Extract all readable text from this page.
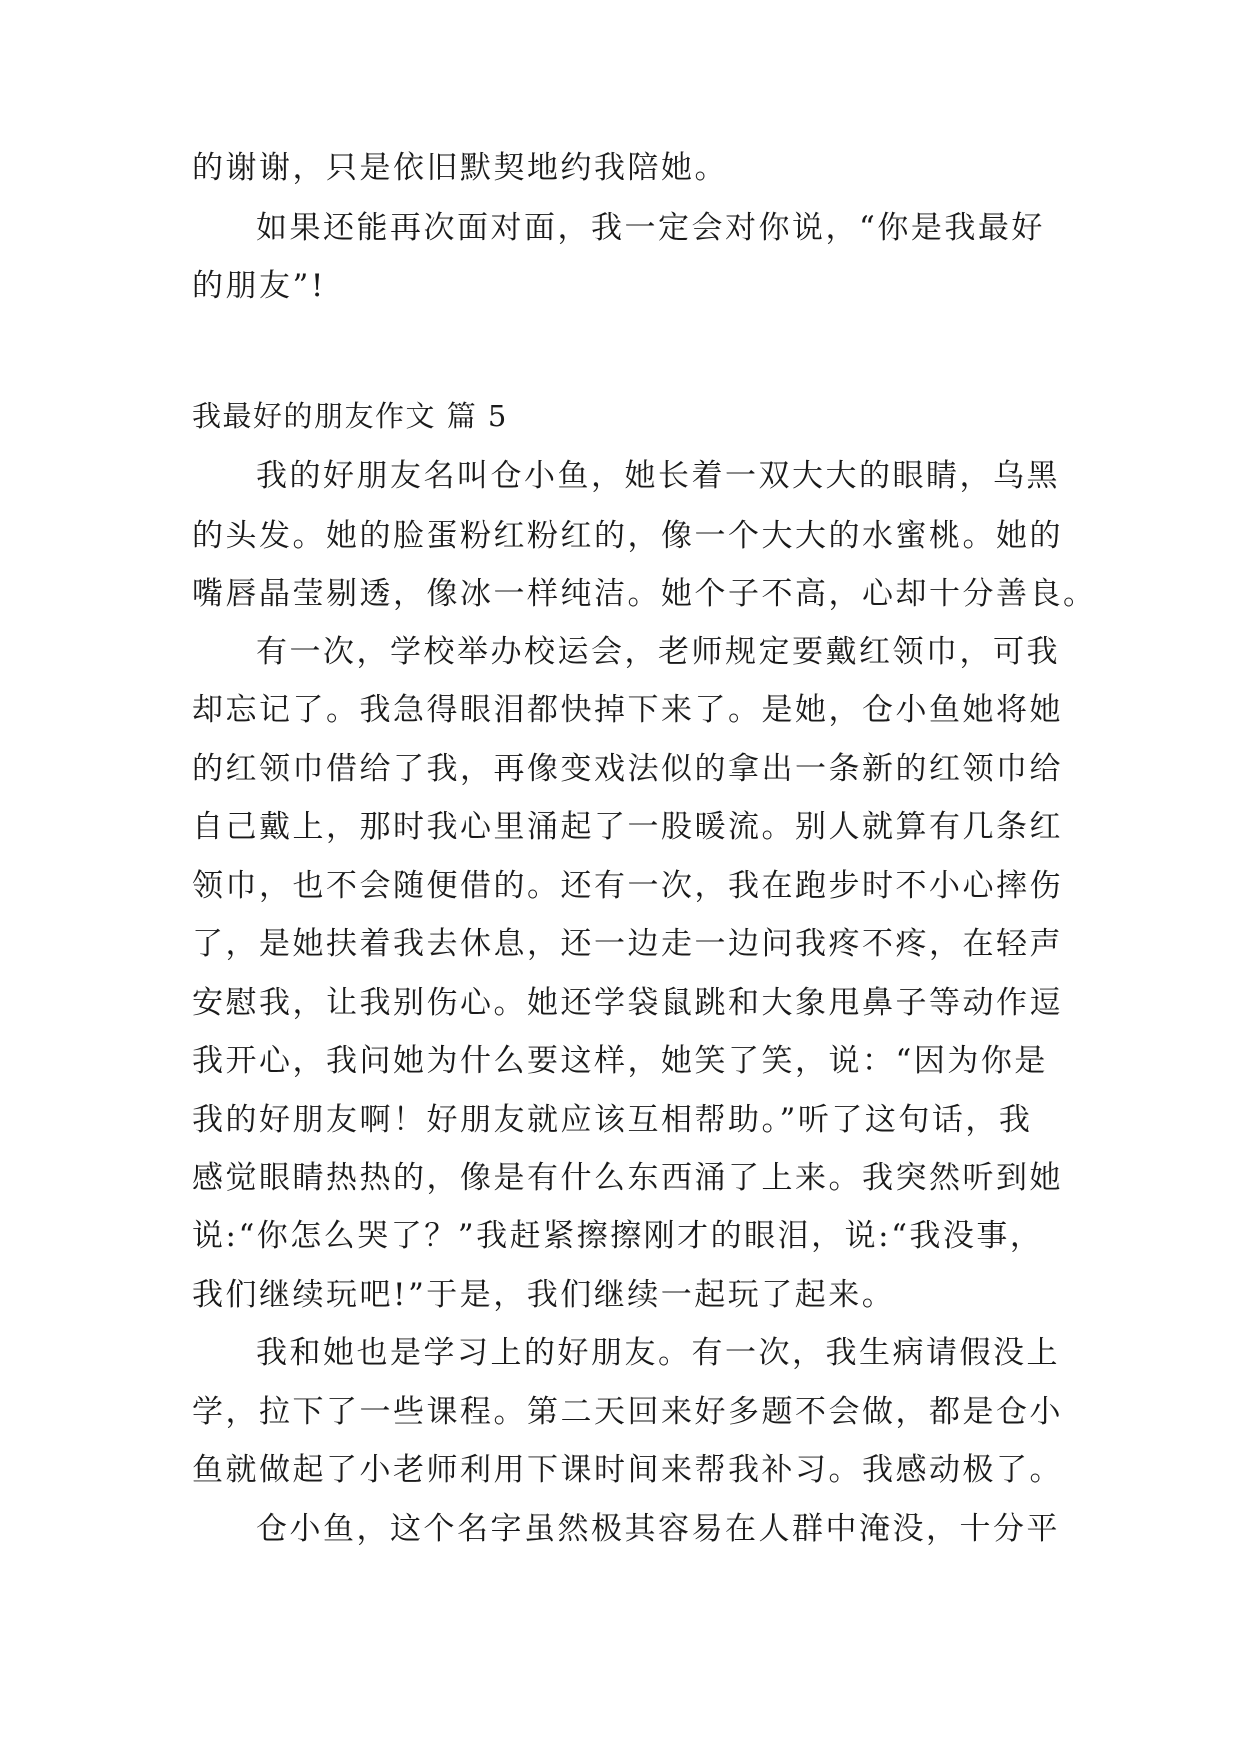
的谢谢，只是依旧默契地约我陪她。
如果还能再次面对面，我一定会对你说，“你是我最好
的朋友”!
我最好的朋友作文 篇 5
我的好朋友名叫仓小鱼，她长着一双大大的眼睛，乌黑
的头发。她的脸蛋粉红粉红的，像一个大大的水蜜桃。她的
嘴唇晶莹剔透，像冰一样纯洁。她个子不高，心却十分善良。
有一次，学校举办校运会，老师规定要戴红领巾，可我
却忘记了。我急得眼泪都快掉下来了。是她，仓小鱼她将她
的红领巾借给了我，再像变戏法似的拿出一条新的红领巾给
自己戴上，那时我心里涌起了一股暖流。别人就算有几条红
领巾，也不会随便借的。还有一次，我在跑步时不小心摔伤
了，是她扶着我去休息，还一边走一边问我疼不疼，在轻声
安慰我，让我别伤心。她还学袋鼠跳和大象甩鼻子等动作逗
我开心，我问她为什么要这样，她笑了笑，说：“因为你是
我的好朋友啊！好朋友就应该互相帮助。”听了这句话，我
感觉眼睛热热的，像是有什么东西涌了上来。我突然听到她
说:“你怎么哭了？”我赶紧擦擦刚才的眼泪，说:“我没事，
我们继续玩吧!”于是，我们继续一起玩了起来。
我和她也是学习上的好朋友。有一次，我生病请假没上
学，拉下了一些课程。第二天回来好多题不会做，都是仓小
鱼就做起了小老师利用下课时间来帮我补习。我感动极了。
仓小鱼，这个名字虽然极其容易在人群中淹没，十分平
